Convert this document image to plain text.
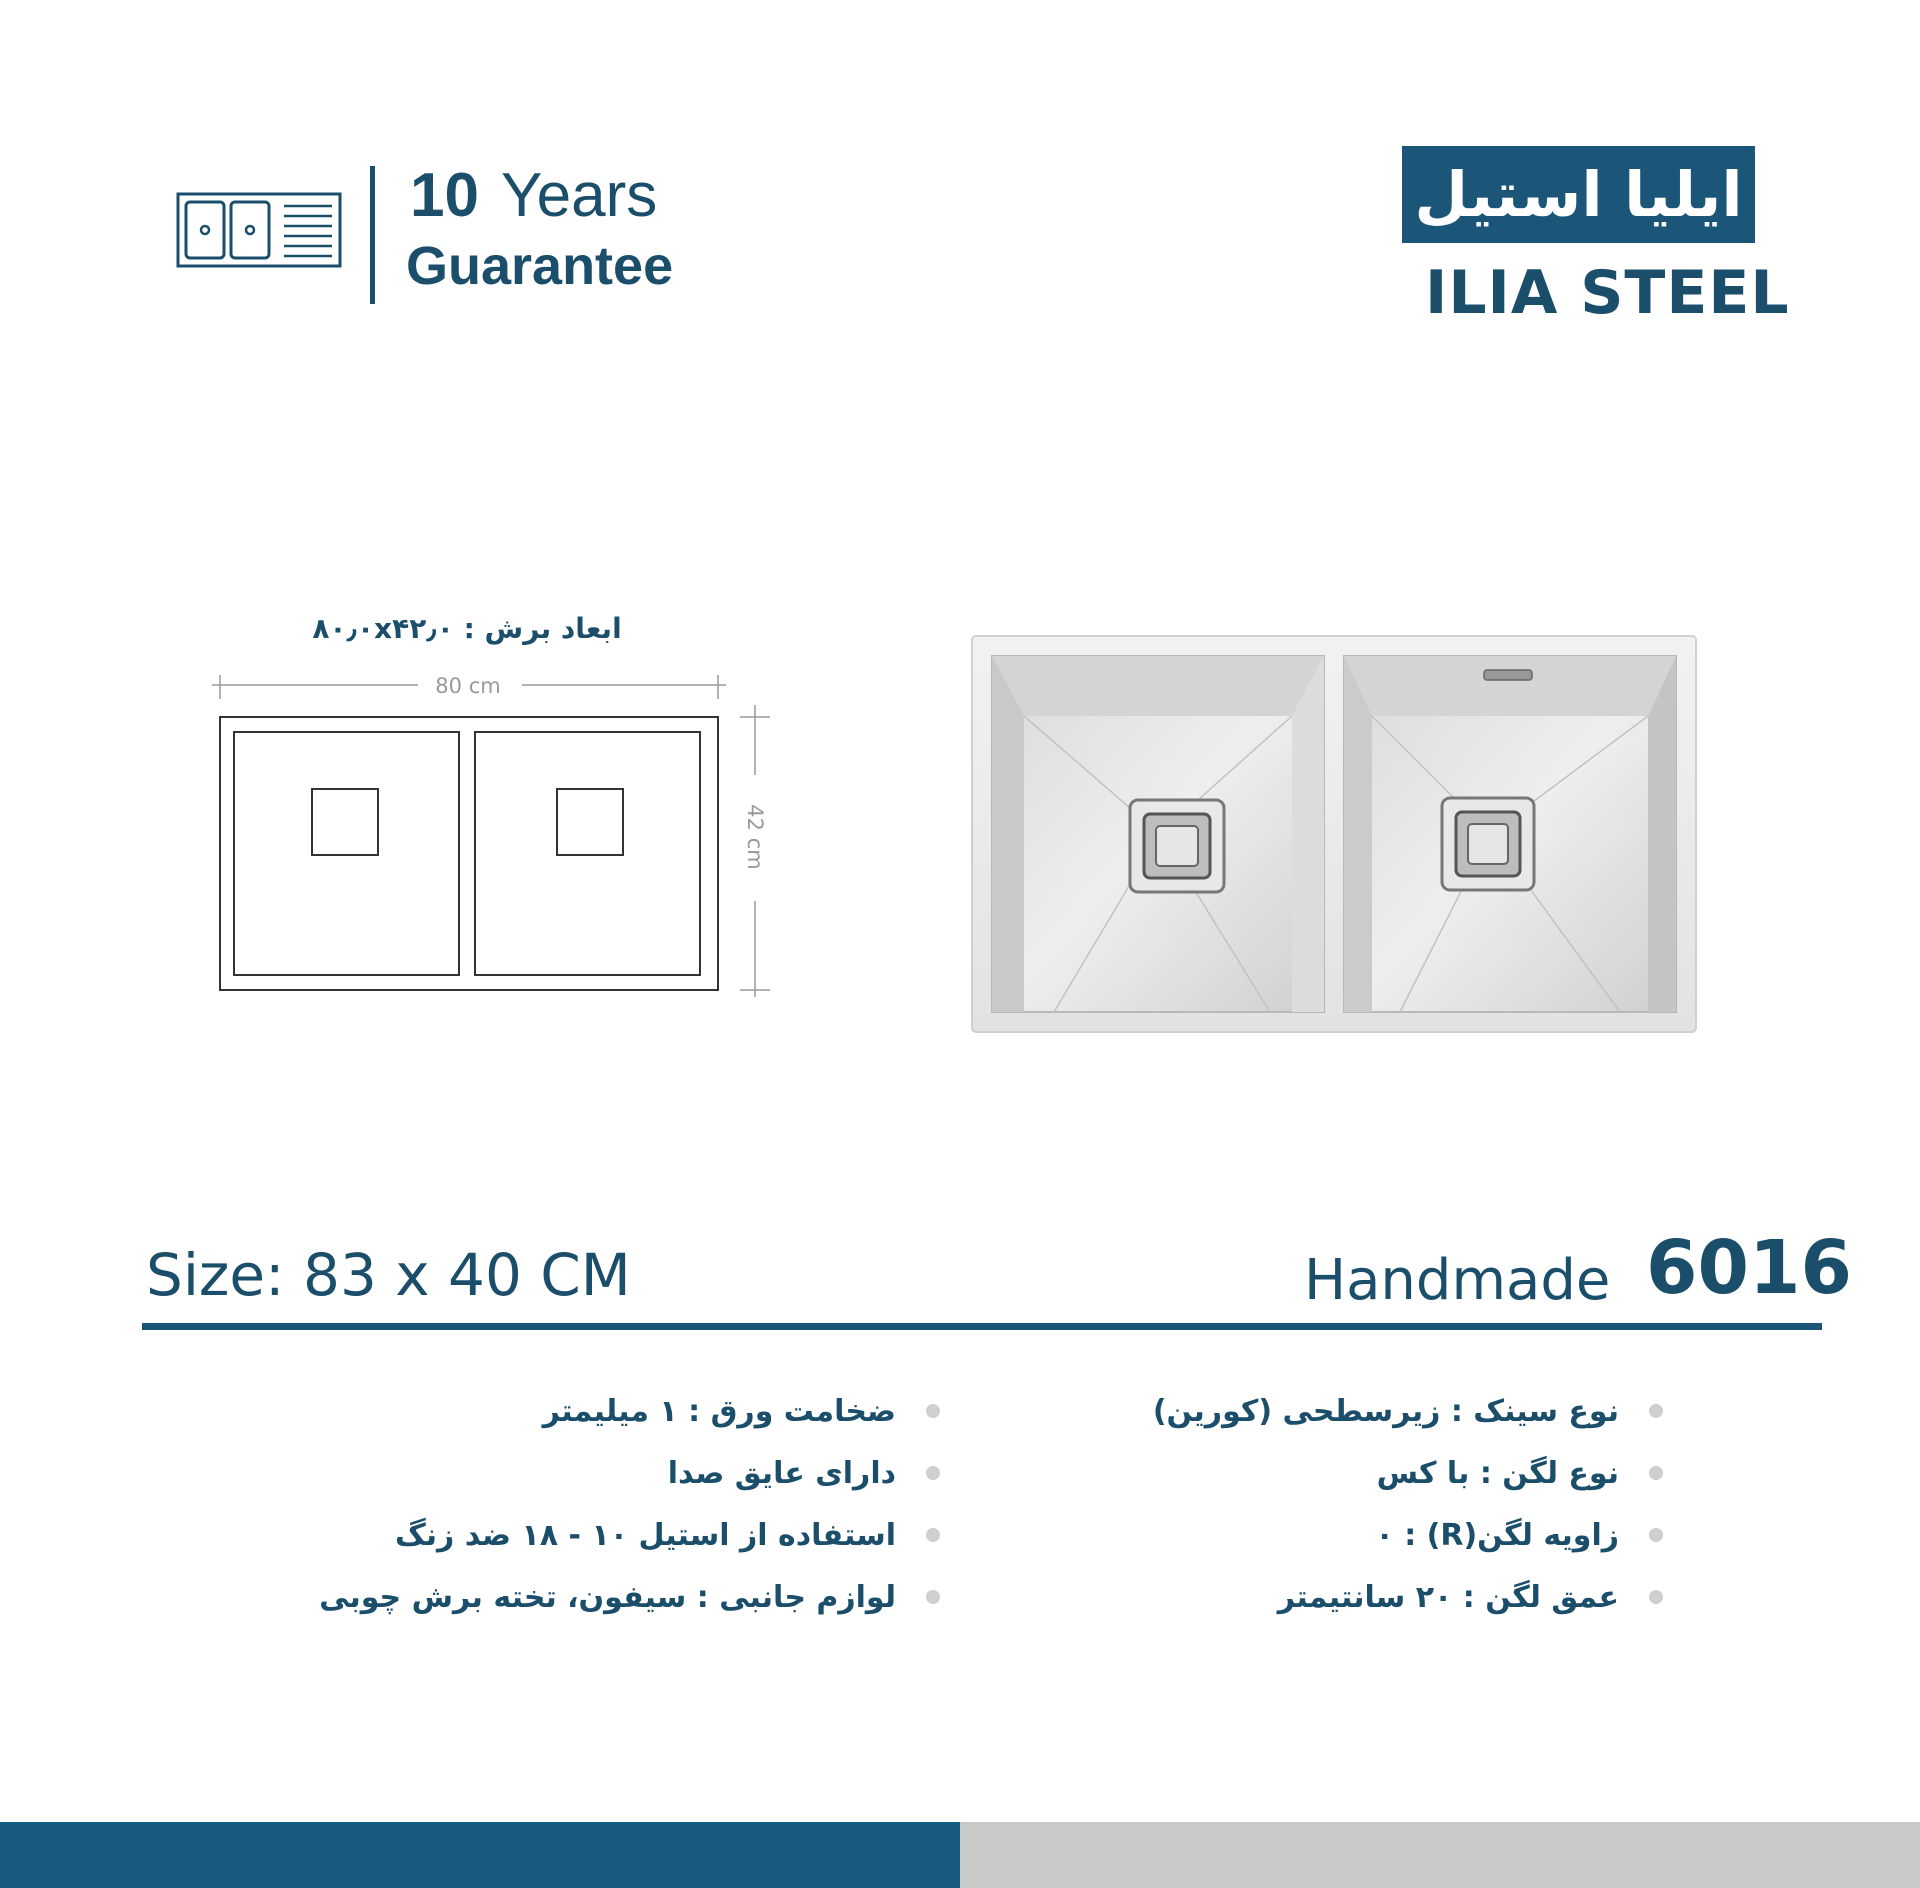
10 Years
Guarantee
ایلیا استیل
ILIA STEEL
ابعاد برش : ۸۰٫۰x۴۲٫۰
80 cm
42 cm
Size: 83 x 40 CM	Handmade 6016
نوع سینک : زیرسطحی (کورین)
نوع لگن : با کس
زاویه لگن(R) : ۰
عمق لگن : ۲۰ سانتیمتر
ضخامت ورق : ۱ میلیمتر
دارای عایق صدا
استفاده از استیل ۱۰ - ۱۸ ضد زنگ
لوازم جانبی : سیفون، تخته برش چوبی
